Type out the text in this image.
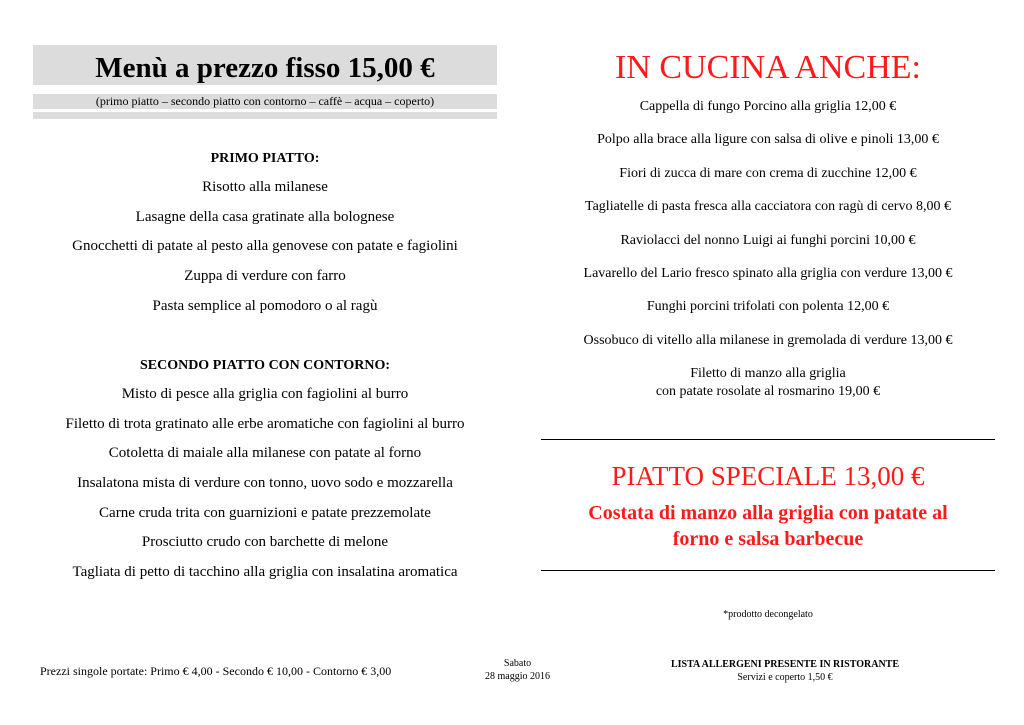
Menù a prezzo fisso 15,00 €
(primo piatto – secondo piatto con contorno – caffè – acqua – coperto)
PRIMO PIATTO:
Risotto alla milanese
Lasagne della casa gratinate alla bolognese
Gnocchetti di patate al pesto alla genovese con patate e fagiolini
Zuppa di verdure con farro
Pasta semplice al pomodoro o al ragù
SECONDO PIATTO CON CONTORNO:
Misto di pesce alla griglia con fagiolini al burro
Filetto di trota gratinato alle erbe aromatiche con fagiolini al burro
Cotoletta di maiale alla milanese con patate al forno
Insalatona mista di verdure con tonno, uovo sodo e mozzarella
Carne cruda trita con guarnizioni e patate prezzemolate
Prosciutto crudo con barchette di melone
Tagliata di petto di tacchino alla griglia con insalatina aromatica
IN CUCINA ANCHE:
Cappella di fungo Porcino alla griglia 12,00 €
Polpo alla brace alla ligure con salsa di olive e pinoli 13,00 €
Fiori di zucca di mare con crema di zucchine 12,00 €
Tagliatelle di pasta fresca alla cacciatora con ragù di cervo 8,00 €
Raviolacci del nonno Luigi ai funghi porcini 10,00 €
Lavarello del Lario fresco spinato alla griglia con verdure 13,00 €
Funghi porcini trifolati con polenta 12,00 €
Ossobuco di vitello alla milanese in gremolada di verdure 13,00 €
Filetto di manzo alla griglia
con patate rosolate al rosmarino 19,00 €
PIATTO SPECIALE 13,00 €
Costata di manzo alla griglia con patate al forno e salsa barbecue
*prodotto decongelato
Prezzi singole portate: Primo € 4,00 - Secondo € 10,00 - Contorno € 3,00
Sabato
28 maggio 2016
LISTA ALLERGENI PRESENTE IN RISTORANTE
Servizi e coperto 1,50 €
